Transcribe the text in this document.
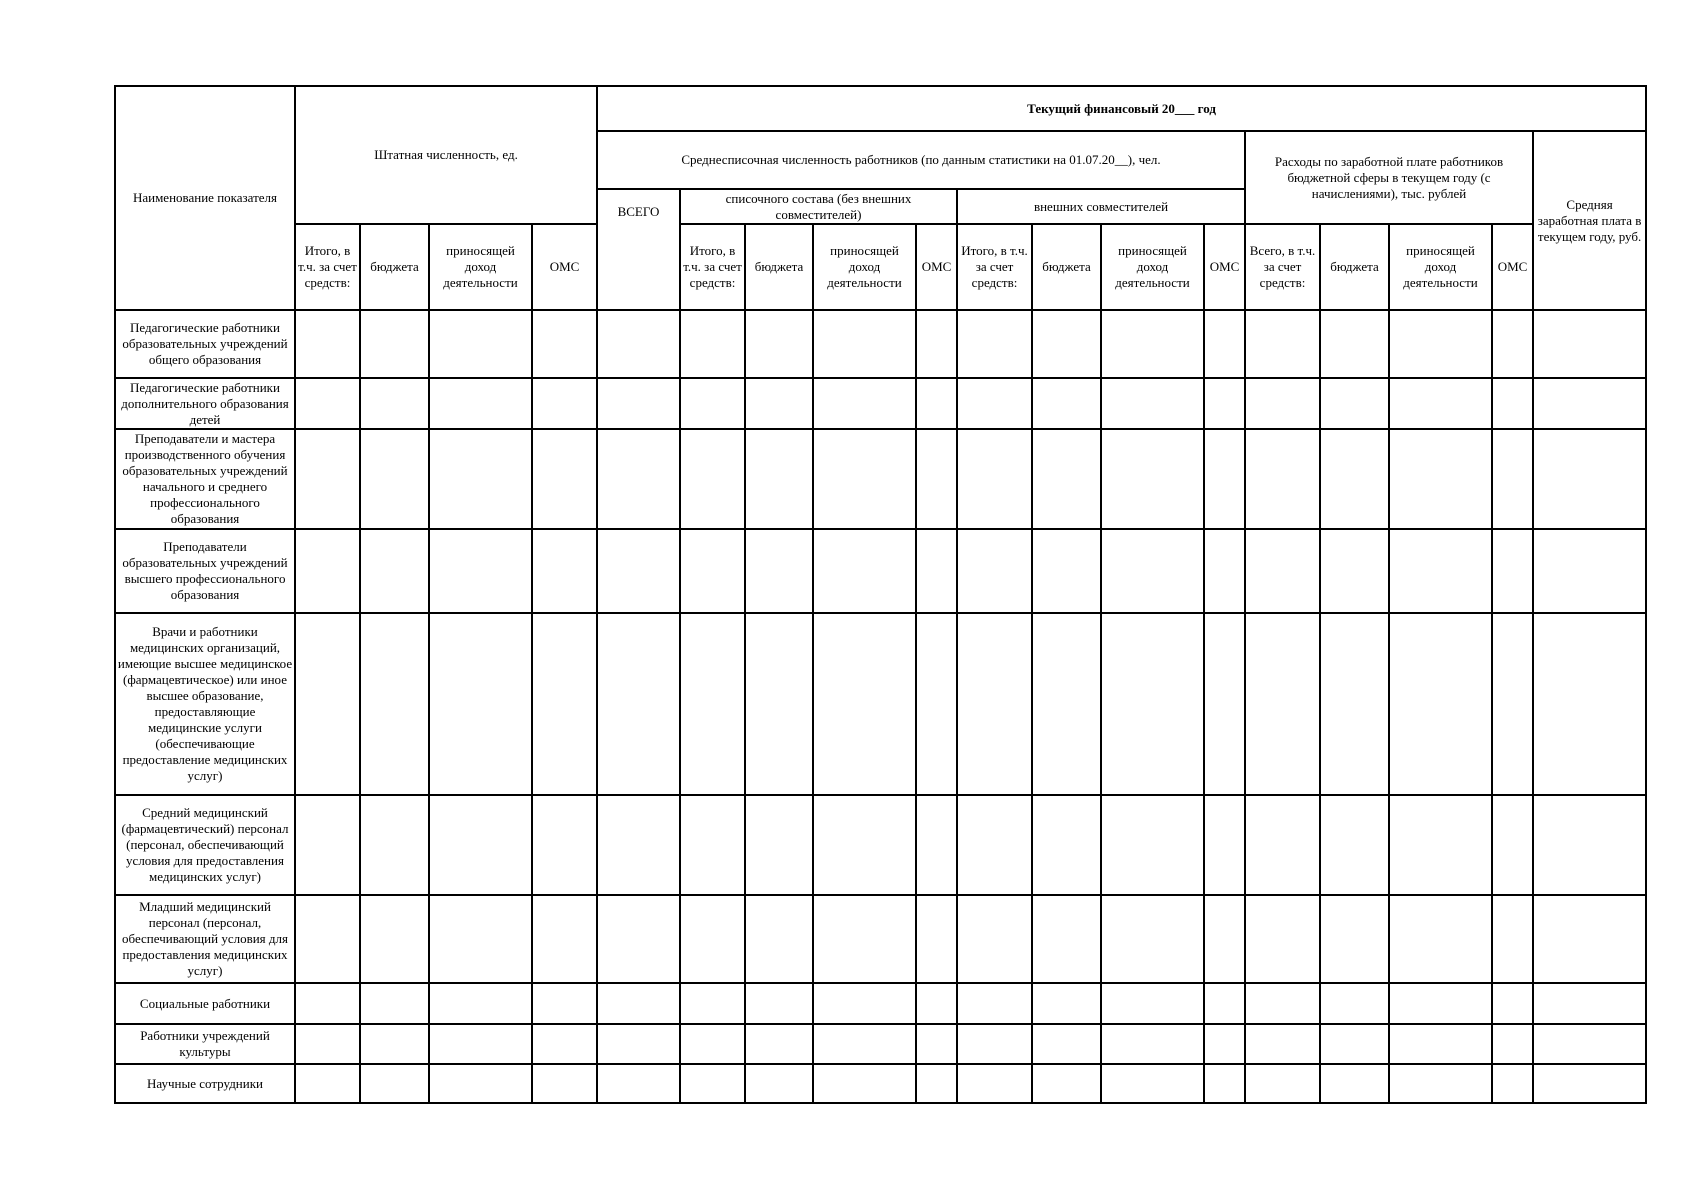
Наименование показателя	Штатная численность, ед.				Текущий финансовый 20___ год													
					Среднесписочная численность работников (по данным статистики на 01.07.20__), чел.									Расходы по заработной плате работников бюджетной сферы в текущем году (с начислениями), тыс. рублей				Средняя заработная плата в текущем году, руб.
					ВСЕГО	списочного состава (без внешних совместителей)				внешних совместителей								
	Итого, в т.ч. за счет средств:	бюджета	приносящей доход деятельности	ОМС		Итого, в т.ч. за счет средств:	бюджета	приносящей доход деятельности	ОМС	Итого, в т.ч. за счет средств:	бюджета	приносящей доход деятельности	ОМС	Всего, в т.ч. за счет средств:	бюджета	приносящей доход деятельности	ОМС	
Педагогические работники образовательных учреждений общего образования																		
Педагогические работники дополнительного образования детей																		
Преподаватели и мастера производственного обучения образовательных учреждений начального и среднего профессионального образования																		
Преподаватели образовательных учреждений высшего профессионального образования																		
Врачи и работники медицинских организаций, имеющие высшее медицинское (фармацевтическое) или иное высшее образование, предоставляющие медицинские услуги (обеспечивающие предоставление медицинских услуг)																		
Средний медицинский (фармацевтический) персонал (персонал, обеспечивающий условия для предоставления медицинских услуг)																		
Младший медицинский персонал (персонал, обеспечивающий условия для предоставления медицинских услуг)																		
Социальные работники																		
Работники учреждений культуры																		
Научные сотрудники																		
